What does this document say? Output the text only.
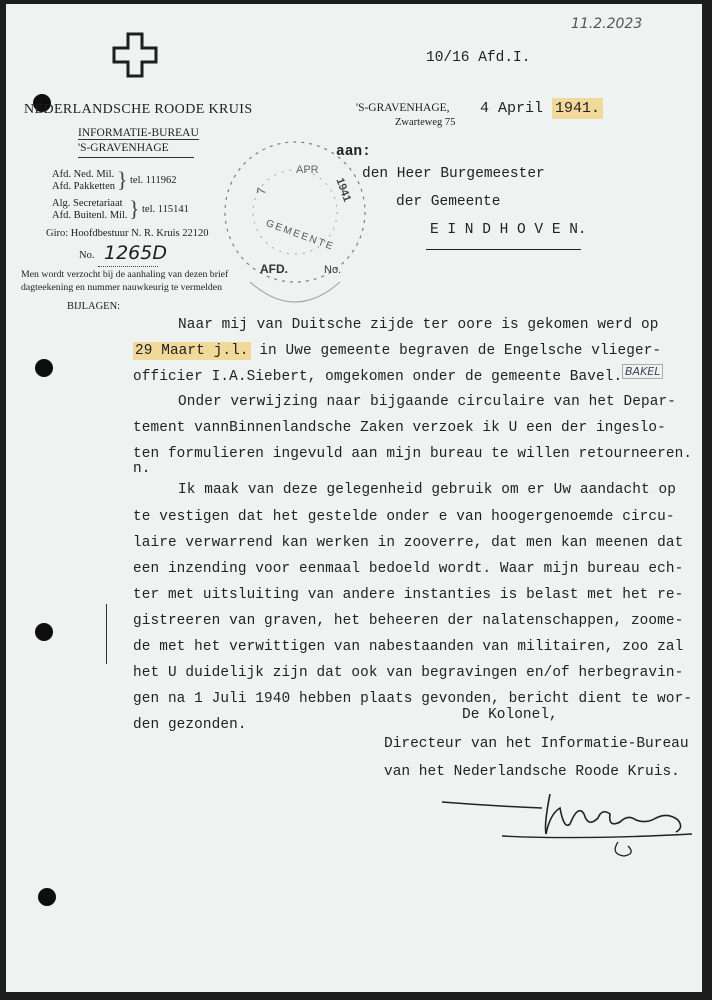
11.2.2023
10/16 Afd.I.
NEDERLANDSCHE ROODE KRUIS
INFORMATIE-BUREAU
'S-GRAVENHAGE
'S-GRAVENHAGE,
Zwarteweg 75
Afd. Ned. Mil.
Afd. Pakketten } tel. 111962
Alg. Secretariaat
Afd. Buitenl. Mil. } tel. 115141
Giro: Hoofdbestuur N. R. Kruis 22120
No. 1265D
Men wordt verzocht bij de aanhaling van dezen brief
dagteekening en nummer nauwkeurig te vermelden
BIJLAGEN:
4 April 1941.
APR
1941
7
GEMEENTE
AFD.	No.
aan:
den Heer Burgemeester
der Gemeente
E I N D H O V E N.
Naar mij van Duitsche zijde ter oore is gekomen werd op
29 Maart j.l. in Uwe gemeente begraven de Engelsche vlieger-
officier I.A.Siebert, omgekomen onder de gemeente Bavel.
Onder verwijzing naar bijgaande circulaire van het Depar-
tement vannBinnenlandsche Zaken verzoek ik U een der ingeslo-
ten formulieren ingevuld aan mijn bureau te willen retourneeren.
n.
Ik maak van deze gelegenheid gebruik om er Uw aandacht op
te vestigen dat het gestelde onder e van hoogergenoemde circu-
laire verwarrend kan werken in zooverre, dat men kan meenen dat
een inzending voor eenmaal bedoeld wordt. Waar mijn bureau ech-
ter met uitsluiting van andere instanties is belast met het re-
gistreeren van graven, het beheeren der nalatenschappen, zoome-
de met het verwittigen van nabestaanden van militairen, zoo zal
het U duidelijk zijn dat ook van begravingen en/of herbegravin-
gen na 1 Juli 1940 hebben plaats gevonden, bericht dient te wor-
den gezonden.
BAKEL
De Kolonel,
Directeur van het Informatie-Bureau
van het Nederlandsche Roode Kruis.
